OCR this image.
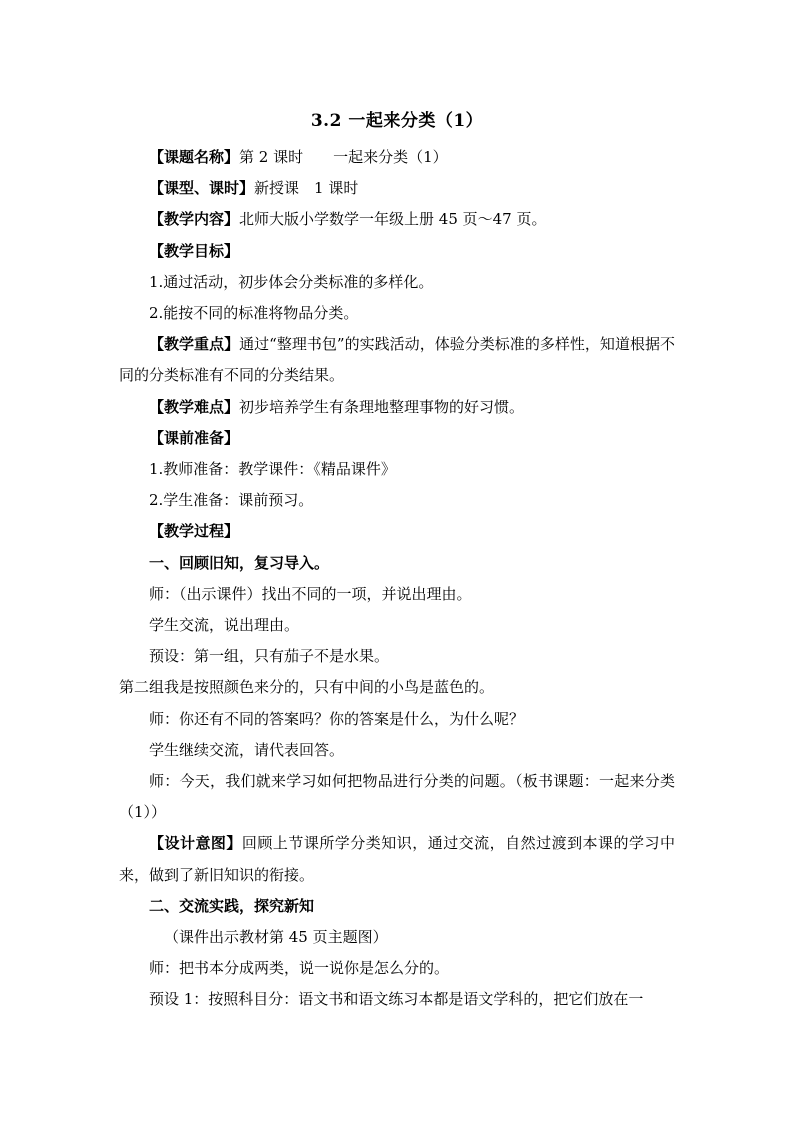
3.2 一起来分类（1）

【课题名称】第 2 课时　　一起来分类（1）

【课型、课时】新授课　1 课时

【教学内容】北师大版小学数学一年级上册 45 页～47 页。

【教学目标】

1.通过活动，初步体会分类标准的多样化。

2.能按不同的标准将物品分类。

【教学重点】通过“整理书包”的实践活动，体验分类标准的多样性，知道根据不同的分类标准有不同的分类结果。

【教学难点】初步培养学生有条理地整理事物的好习惯。

【课前准备】

1.教师准备：教学课件：《精品课件》

2.学生准备：课前预习。

【教学过程】

一、回顾旧知，复习导入。

师：（出示课件）找出不同的一项，并说出理由。

学生交流，说出理由。

预设：第一组，只有茄子不是水果。

第二组我是按照颜色来分的，只有中间的小鸟是蓝色的。

师：你还有不同的答案吗？你的答案是什么，为什么呢？

学生继续交流，请代表回答。

师：今天，我们就来学习如何把物品进行分类的问题。（板书课题：一起来分类（1））

【设计意图】回顾上节课所学分类知识，通过交流，自然过渡到本课的学习中来，做到了新旧知识的衔接。

二、交流实践，探究新知

（课件出示教材第 45 页主题图）

师：把书本分成两类，说一说你是怎么分的。

预设 1：按照科目分：语文书和语文练习本都是语文学科的，把它们放在一
